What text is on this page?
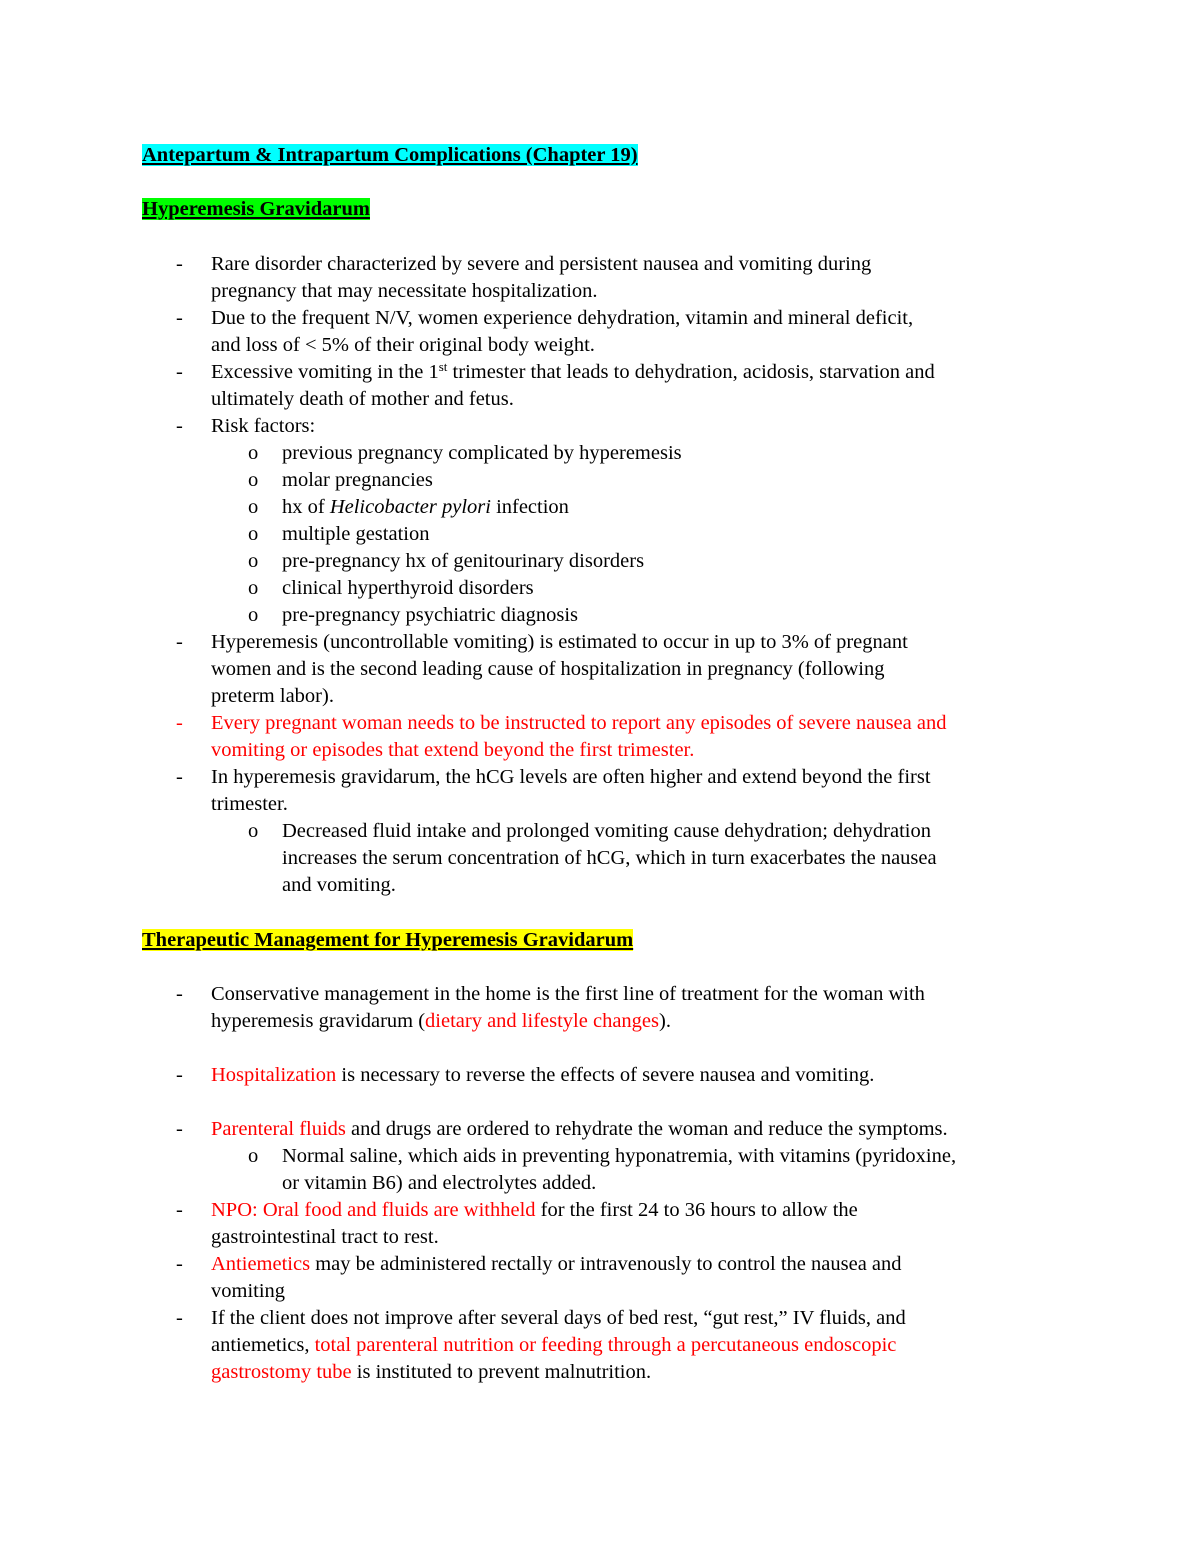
Antepartum & Intrapartum Complications (Chapter 19)
Hyperemesis Gravidarum
- Rare disorder characterized by severe and persistent nausea and vomiting during
pregnancy that may necessitate hospitalization.
- Due to the frequent N/V, women experience dehydration, vitamin and mineral deficit,
and loss of < 5% of their original body weight.
- Excessive vomiting in the 1st trimester that leads to dehydration, acidosis, starvation and
ultimately death of mother and fetus.
- Risk factors:
o previous pregnancy complicated by hyperemesis
o molar pregnancies
o hx of Helicobacter pylori infection
o multiple gestation
o pre-pregnancy hx of genitourinary disorders
o clinical hyperthyroid disorders
o pre-pregnancy psychiatric diagnosis
- Hyperemesis (uncontrollable vomiting) is estimated to occur in up to 3% of pregnant
women and is the second leading cause of hospitalization in pregnancy (following
preterm labor).
- Every pregnant woman needs to be instructed to report any episodes of severe nausea and
vomiting or episodes that extend beyond the first trimester.
- In hyperemesis gravidarum, the hCG levels are often higher and extend beyond the first
trimester.
o Decreased fluid intake and prolonged vomiting cause dehydration; dehydration
increases the serum concentration of hCG, which in turn exacerbates the nausea
and vomiting.
Therapeutic Management for Hyperemesis Gravidarum
- Conservative management in the home is the first line of treatment for the woman with
hyperemesis gravidarum (dietary and lifestyle changes).
- Hospitalization is necessary to reverse the effects of severe nausea and vomiting.
- Parenteral fluids and drugs are ordered to rehydrate the woman and reduce the symptoms.
o Normal saline, which aids in preventing hyponatremia, with vitamins (pyridoxine,
or vitamin B6) and electrolytes added.
- NPO: Oral food and fluids are withheld for the first 24 to 36 hours to allow the
gastrointestinal tract to rest.
- Antiemetics may be administered rectally or intravenously to control the nausea and
vomiting
- If the client does not improve after several days of bed rest, “gut rest,” IV fluids, and
antiemetics, total parenteral nutrition or feeding through a percutaneous endoscopic
gastrostomy tube is instituted to prevent malnutrition.
